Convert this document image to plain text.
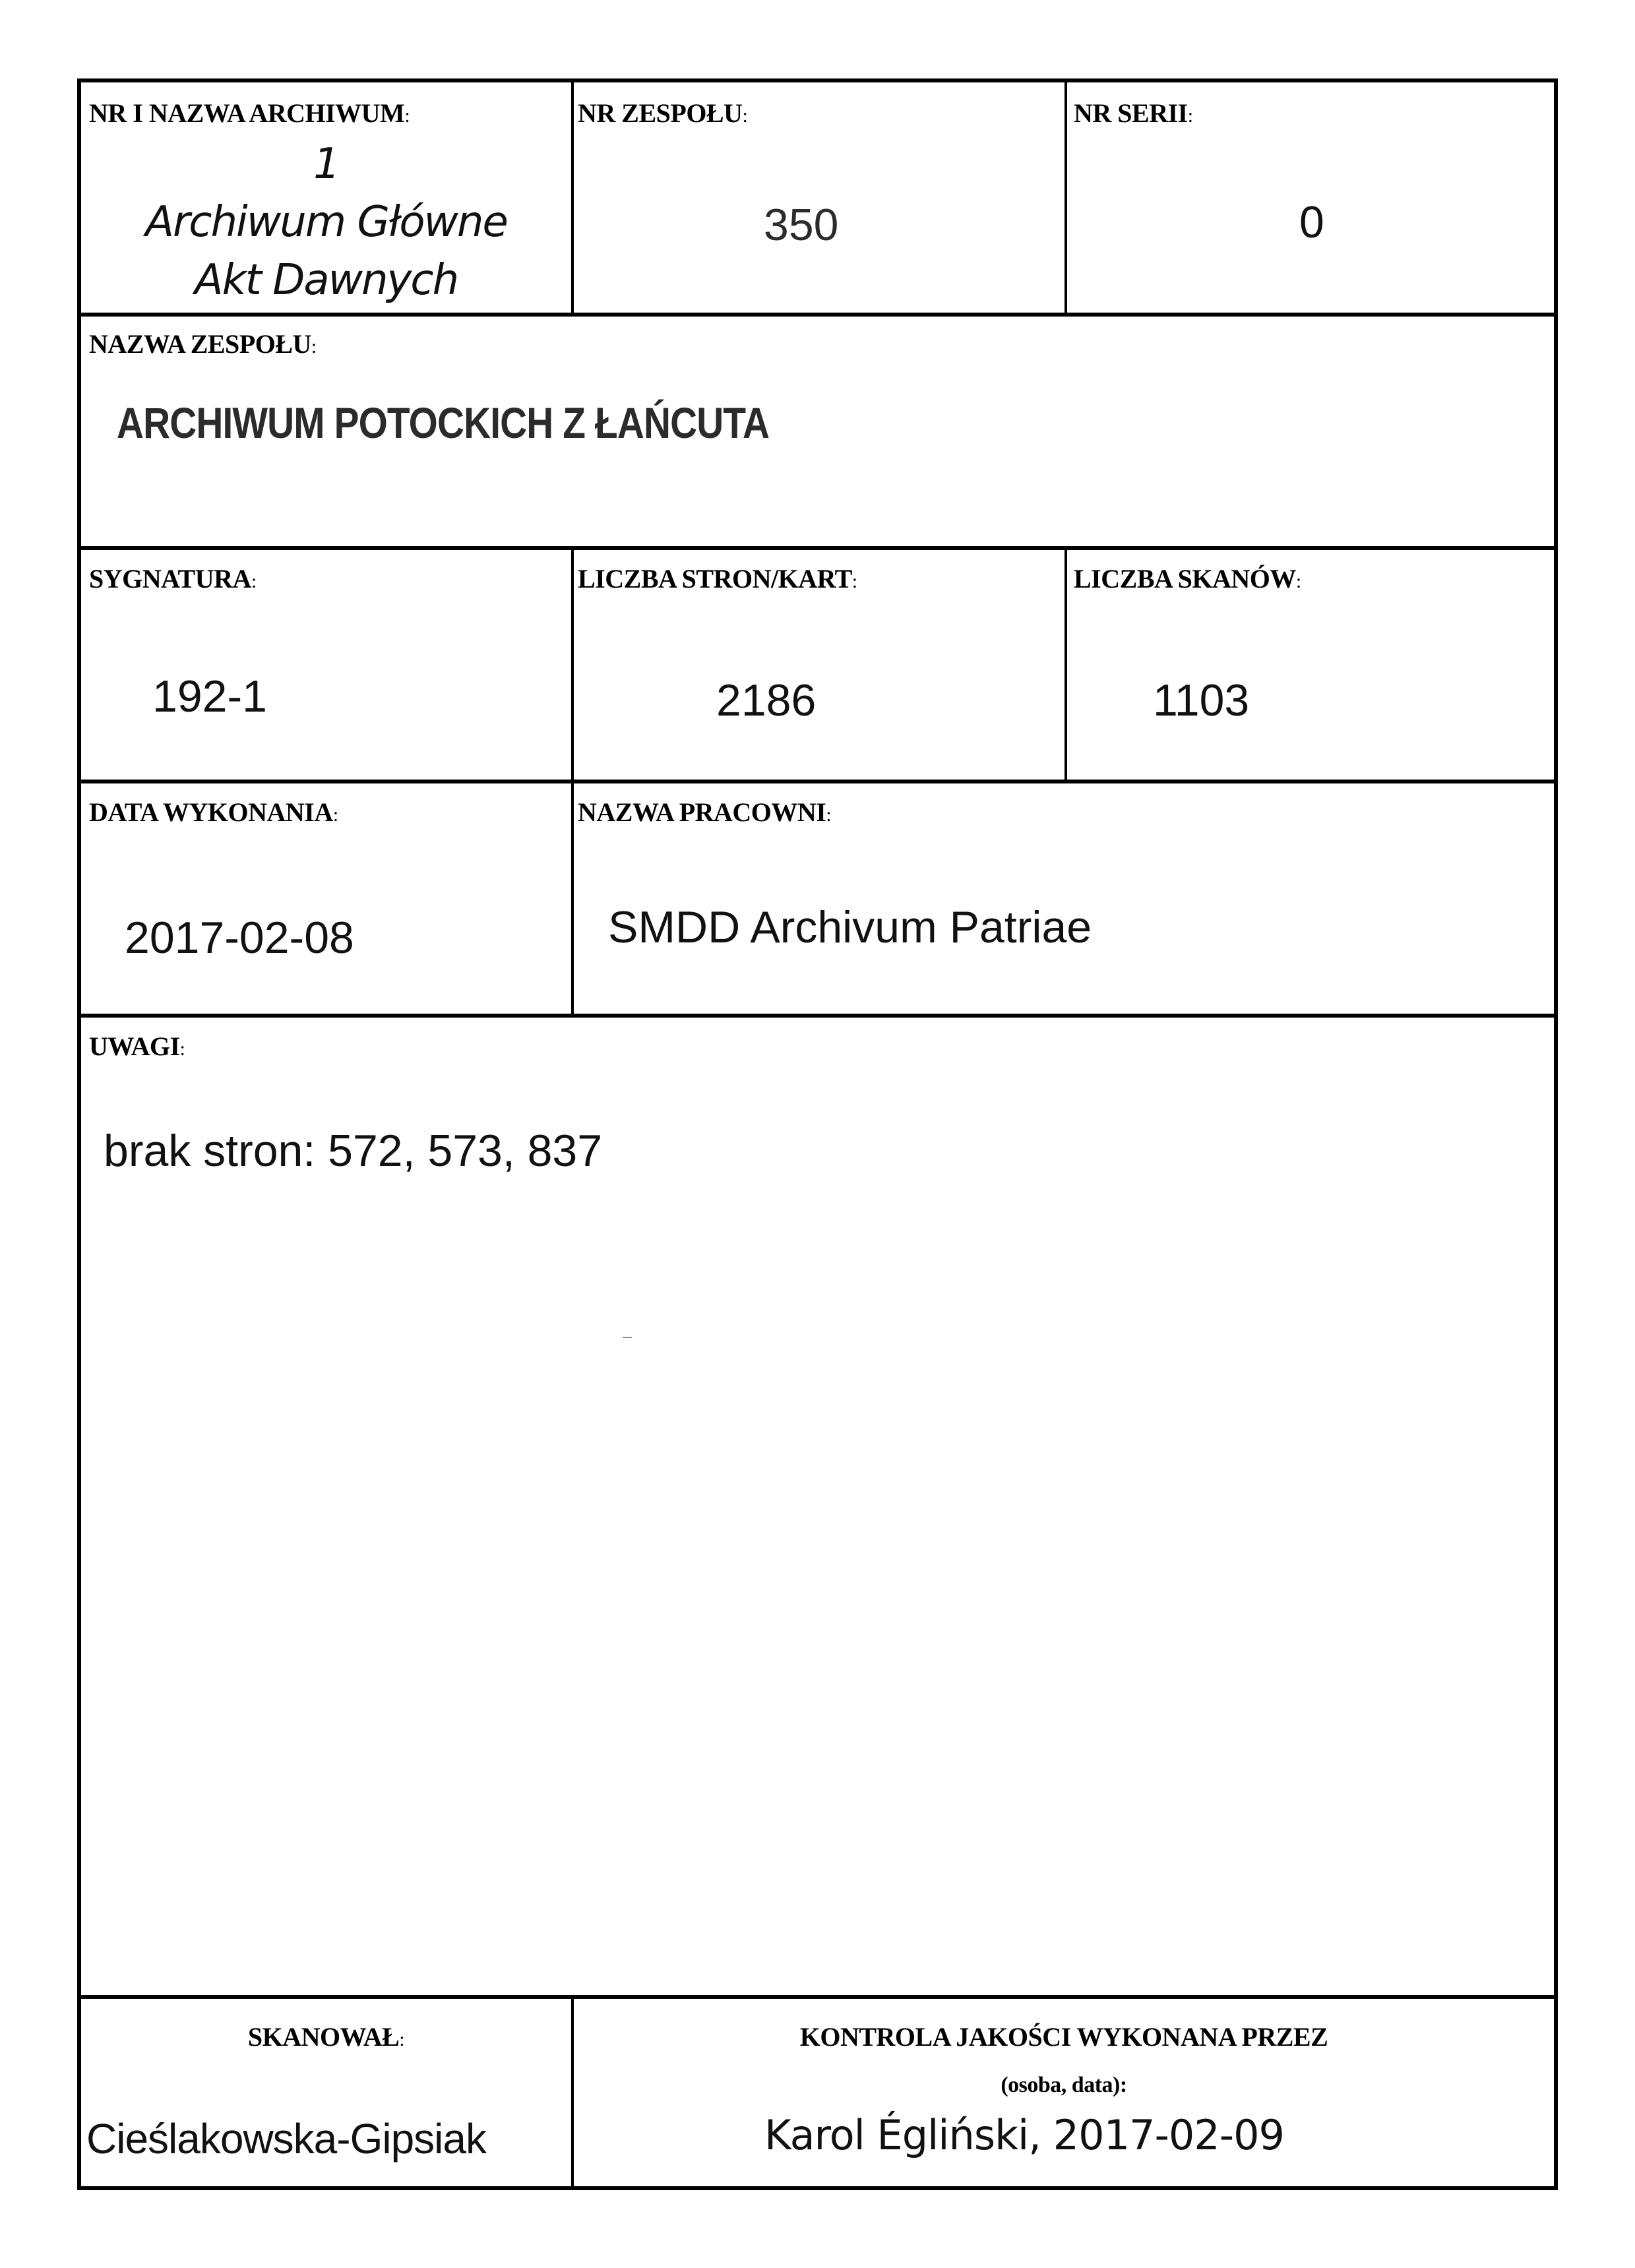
NR I NAZWA ARCHIWUM:
1
Archiwum Główne
Akt Dawnych
NR ZESPOŁU:
350
NR SERII:
0
NAZWA ZESPOŁU:
ARCHIWUM POTOCKICH Z ŁAŃCUTA
SYGNATURA:
192-1
LICZBA STRON/KART:
2186
LICZBA SKANÓW:
1103
DATA WYKONANIA:
2017-02-08
NAZWA PRACOWNI:
SMDD Archivum Patriae
UWAGI:
brak stron: 572, 573, 837
SKANOWAŁ:
Cieślakowska-Gipsiak
KONTROLA JAKOŚCI WYKONANA PRZEZ
(osoba, data):
Karol Égliński, 2017-02-09
